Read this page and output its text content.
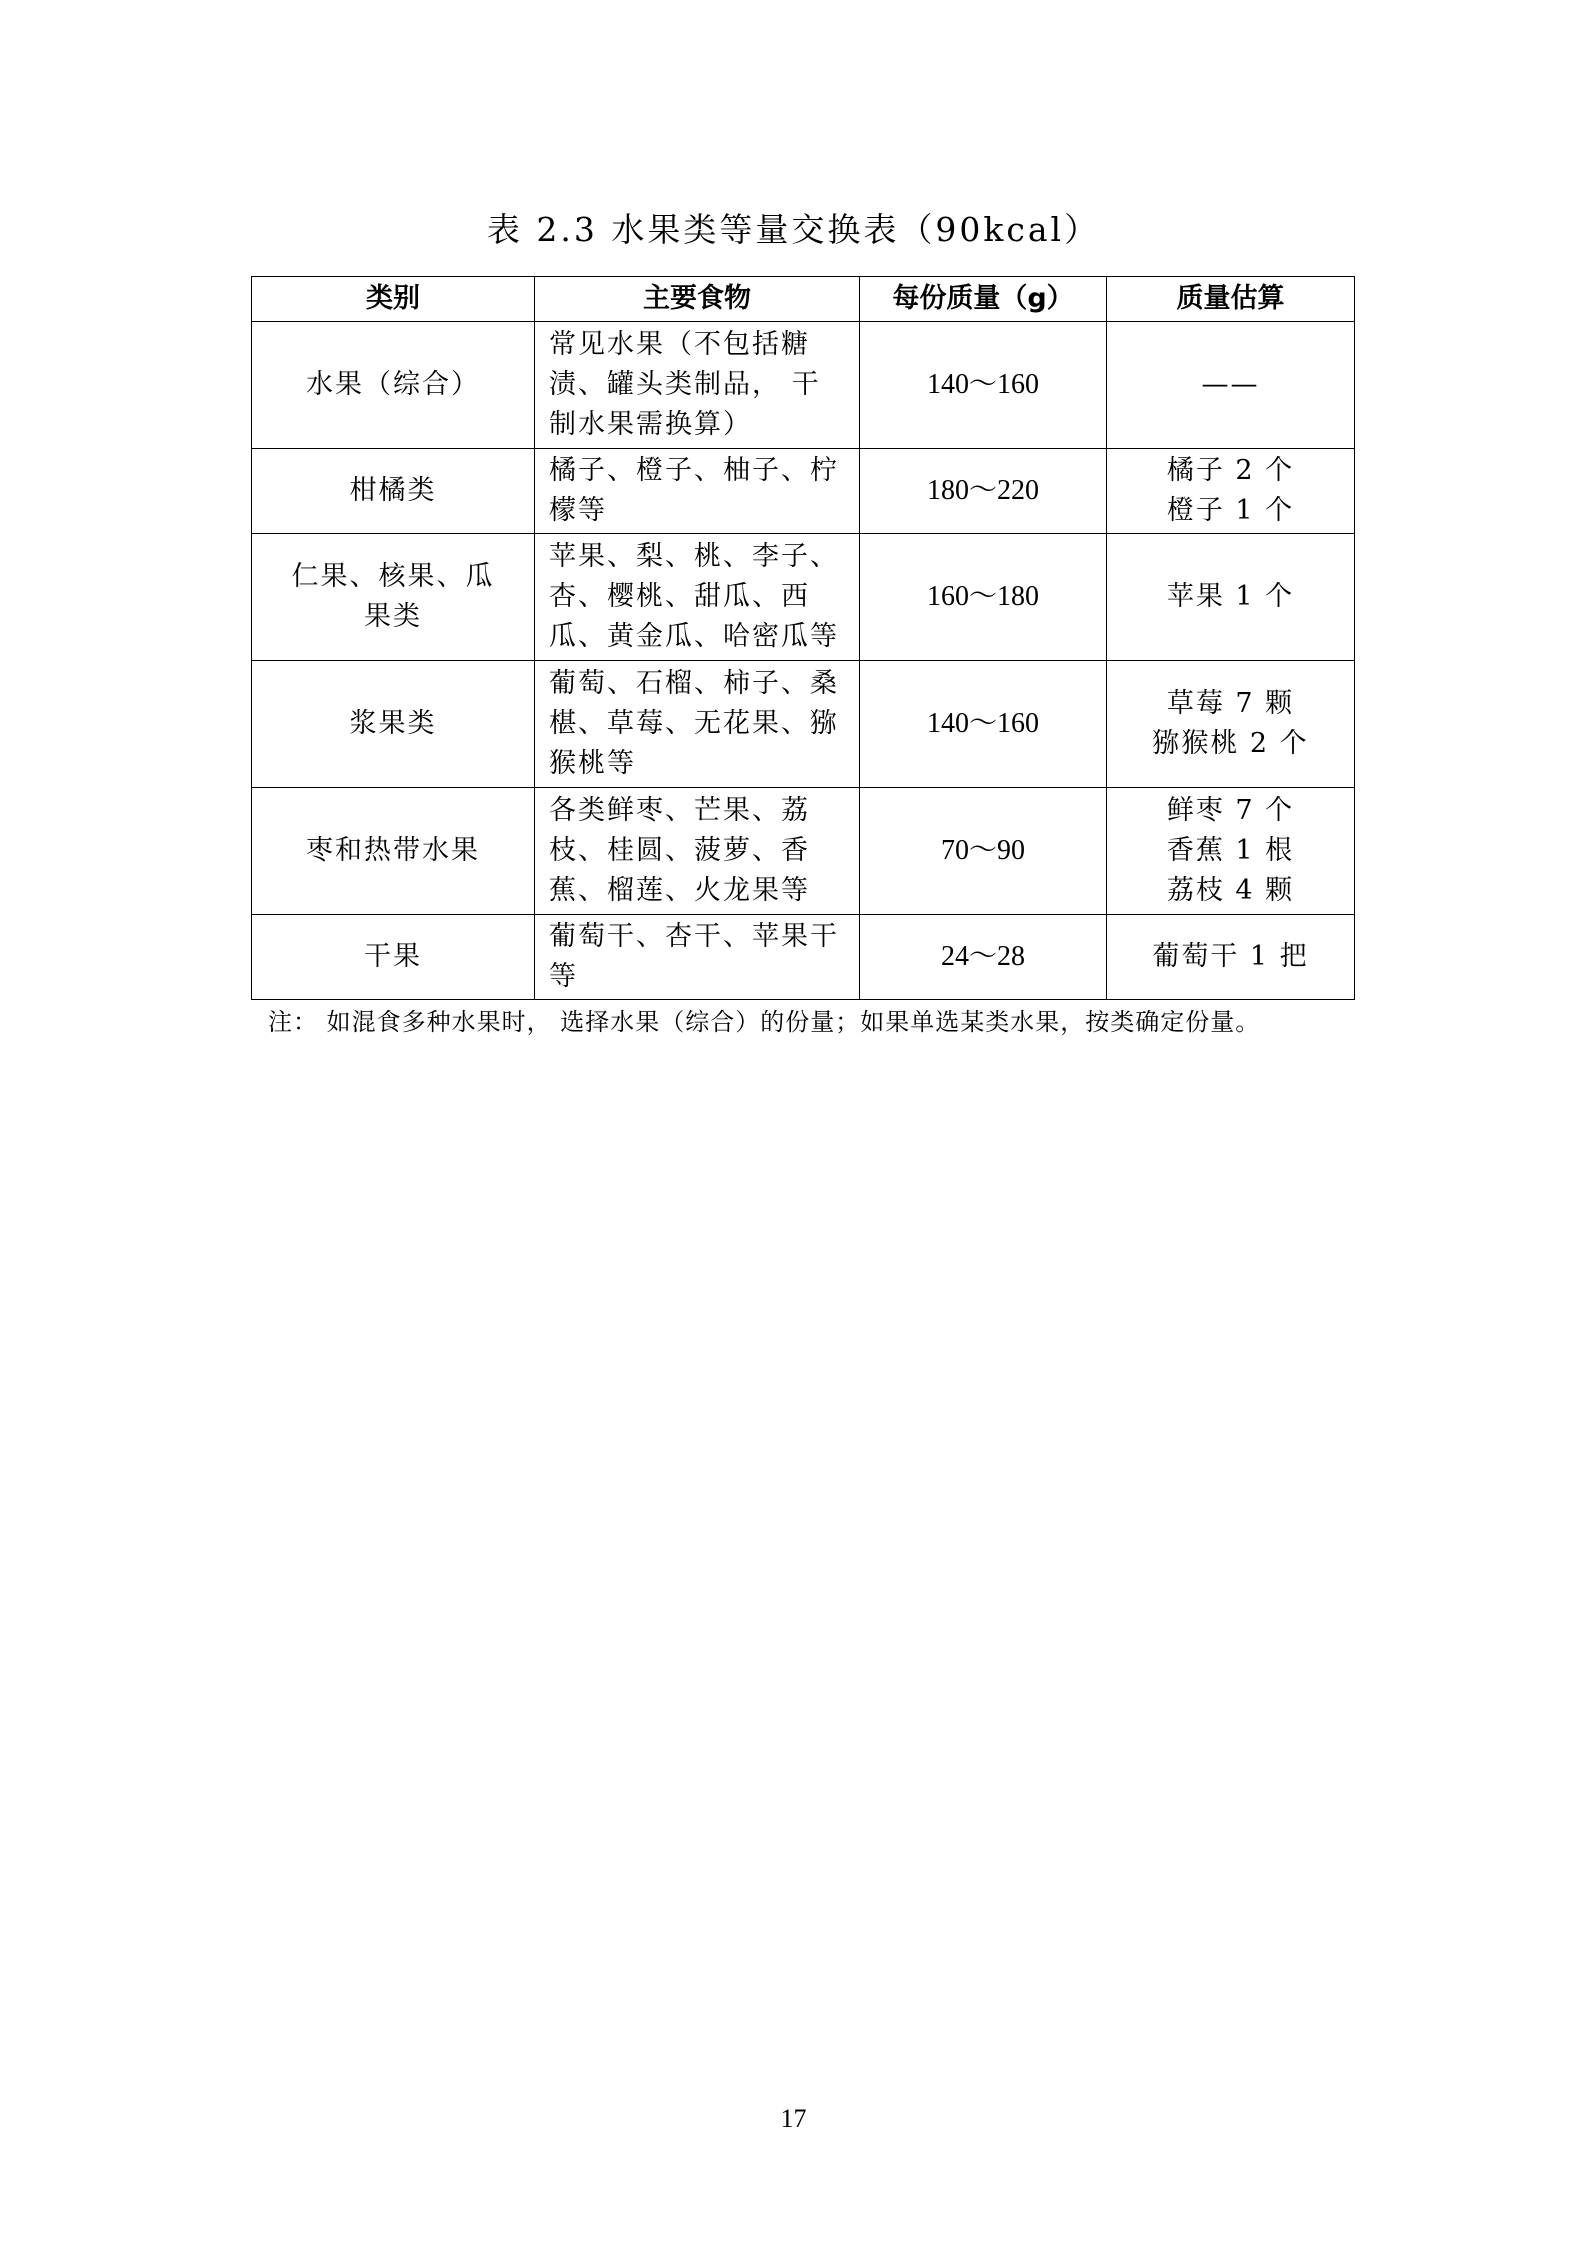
表 2.3 水果类等量交换表（90kcal）
类别	主要食物	每份质量（g）	质量估算
水果（综合）	常见水果（不包括糖渍、罐头类制品， 干制水果需换算）	140～160	——

柑橘类	橘子、橙子、柚子、柠檬等	180～220	橘子 2 个
橙子 1 个

仁果、核果、瓜果类	苹果、梨、桃、李子、杏、樱桃、甜瓜、西瓜、黄金瓜、哈密瓜等	160～180	苹果 1 个

浆果类	葡萄、石榴、柿子、桑椹、草莓、无花果、猕猴桃等	140～160	草莓 7 颗
猕猴桃 2 个

枣和热带水果	各类鲜枣、芒果、荔枝、桂圆、菠萝、香蕉、榴莲、火龙果等	70～90	鲜枣 7 个
香蕉 1 根
荔枝 4 颗

干果	葡萄干、杏干、苹果干等	24～28	葡萄干 1 把
注： 如混食多种水果时， 选择水果（综合）的份量；如果单选某类水果，按类确定份量。
17
